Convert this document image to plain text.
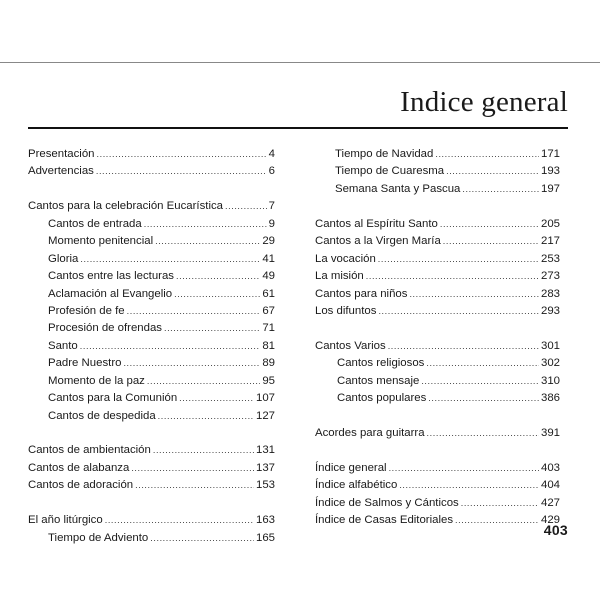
Indice general
Presentación .....	4
Advertencias .....	6
Cantos para la celebración Eucarística .....	7
Cantos de entrada .....	9
Momento penitencial .....	29
Gloria .....	41
Cantos entre las lecturas .....	49
Aclamación al Evangelio .....	61
Profesión de fe .....	67
Procesión de ofrendas .....	71
Santo .....	81
Padre Nuestro .....	89
Momento de la paz .....	95
Cantos para la Comunión .....	107
Cantos de despedida .....	127
Cantos de ambientación .....	131
Cantos de alabanza .....	137
Cantos de adoración .....	153
El año litúrgico .....	163
Tiempo de Adviento .....	165
Tiempo de Navidad .....	171
Tiempo de Cuaresma .....	193
Semana Santa y Pascua .....	197
Cantos al Espíritu Santo .....	205
Cantos a la Virgen María .....	217
La vocación .....	253
La misión .....	273
Cantos para niños .....	283
Los difuntos .....	293
Cantos Varios .....	301
Cantos religiosos .....	302
Cantos mensaje .....	310
Cantos populares .....	386
Acordes para guitarra .....	391
Índice general .....	403
Índice alfabético .....	404
Índice de Salmos y Cánticos .....	427
Índice de Casas Editoriales .....	429
403
